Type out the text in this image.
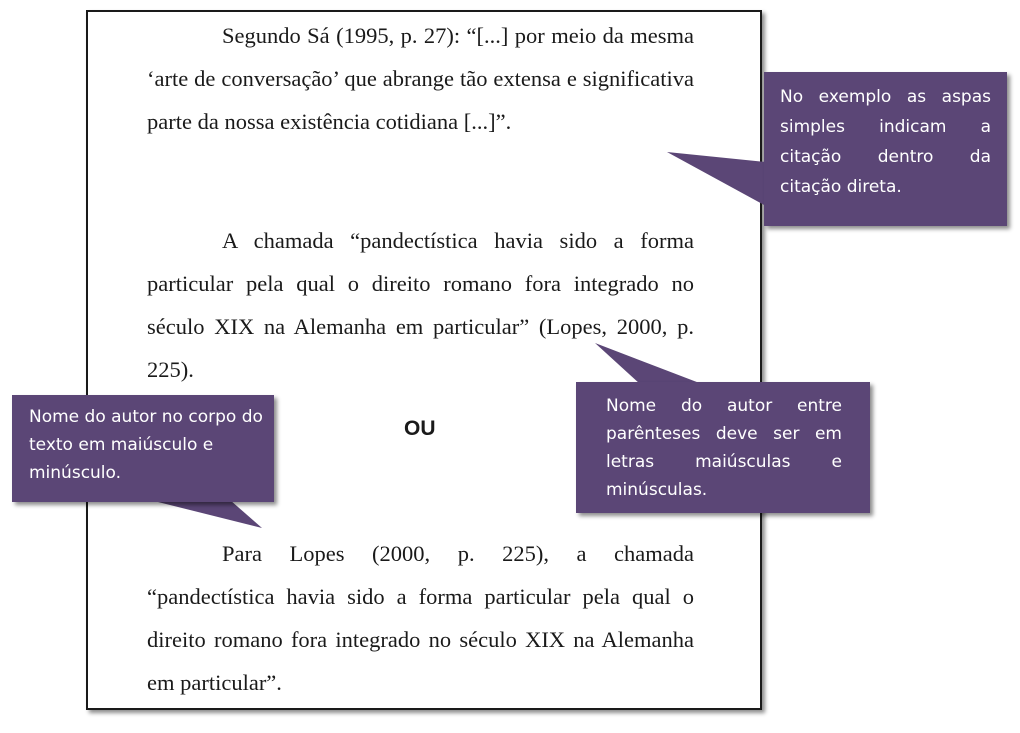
Segundo Sá (1995, p. 27): “[...] por meio da mesma ‘arte de conversação’ que abrange tão extensa e significativa parte da nossa existência cotidiana [...]”.

A chamada “pandectística havia sido a forma particular pela qual o direito romano fora integrado no século XIX na Alemanha em particular” (Lopes, 2000, p. 225).

OU

Para Lopes (2000, p. 225), a chamada “pandectística havia sido a forma particular pela qual o direito romano fora integrado no século XIX na Alemanha em particular”.

No exemplo as aspas simples indicam a citação dentro da citação direta.
Nome do autor entre parênteses deve ser em letras maiúsculas e minúsculas.
Nome do autor no corpo do texto em maiúsculo e minúsculo.
